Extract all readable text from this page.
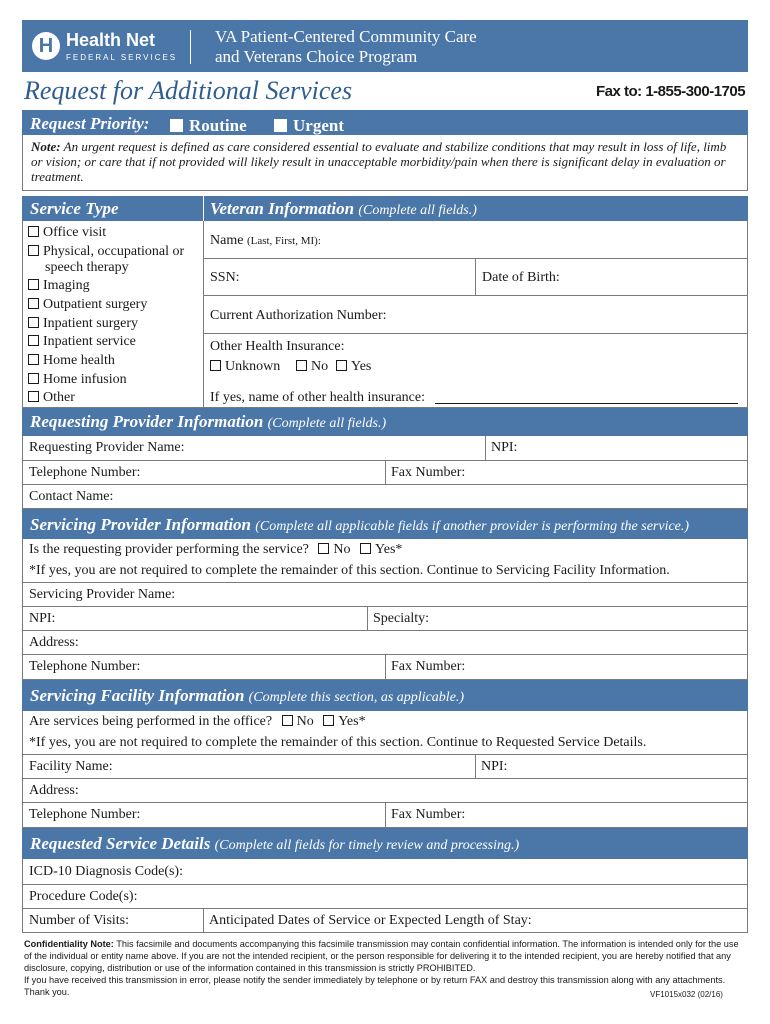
H Health Net
FEDERAL SERVICES
VA Patient-Centered Community Care
and Veterans Choice Program
Request for Additional Services	Fax to: 1-855-300-1705
Request Priority:	Routine	Urgent
Note: An urgent request is defined as care considered essential to evaluate and stabilize conditions that may result in loss of life, limb or vision; or care that if not provided will likely result in unacceptable morbidity/pain when there is significant delay in evaluation or treatment.
Service Type	Veteran Information (Complete all fields.)
Office visit
Physical, occupational or
speech therapy
Imaging
Outpatient surgery
Inpatient surgery
Inpatient service
Home health
Home infusion
Other
Name (Last, First, MI):
SSN:	Date of Birth:
Current Authorization Number:
Other Health Insurance:
Unknown	No	Yes
If yes, name of other health insurance:
Requesting Provider Information (Complete all fields.)
Requesting Provider Name:	NPI:
Telephone Number:	Fax Number:
Contact Name:
Servicing Provider Information (Complete all applicable fields if another provider is performing the service.)
Is the requesting provider performing the service? No Yes*
*If yes, you are not required to complete the remainder of this section. Continue to Servicing Facility Information.
Servicing Provider Name:
NPI:	Specialty:
Address:
Telephone Number:	Fax Number:
Servicing Facility Information (Complete this section, as applicable.)
Are services being performed in the office? No Yes*
*If yes, you are not required to complete the remainder of this section. Continue to Requested Service Details.
Facility Name:	NPI:
Address:
Telephone Number:	Fax Number:
Requested Service Details (Complete all fields for timely review and processing.)
ICD-10 Diagnosis Code(s):
Procedure Code(s):
Number of Visits:	Anticipated Dates of Service or Expected Length of Stay:
Confidentiality Note: This facsimile and documents accompanying this facsimile transmission may contain confidential information. The information is intended only for the use of the individual or entity name above. If you are not the intended recipient, or the person responsible for delivering it to the intended recipient, you are hereby notified that any disclosure, copying, distribution or use of the information contained in this transmission is strictly PROHIBITED.
If you have received this transmission in error, please notify the sender immediately by telephone or by return FAX and destroy this transmission along with any attachments. Thank you.	VF1015x032 (02/16)
